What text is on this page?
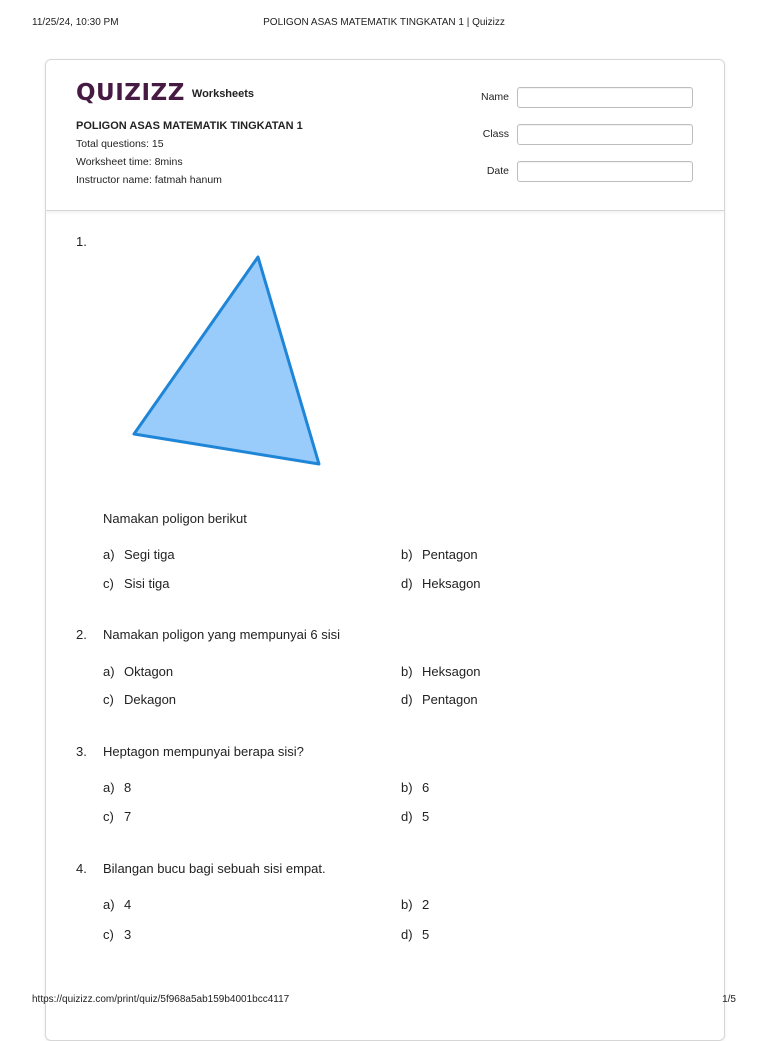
11/25/24, 10:30 PM	POLIGON ASAS MATEMATIK TINGKATAN 1 | Quizizz
QUIZIZZ Worksheets
POLIGON ASAS MATEMATIK TINGKATAN 1
Total questions: 15
Worksheet time: 8mins
Instructor name: fatmah hanum
Name
Class
Date
1.
Namakan poligon berikut
a) Segi tiga	b) Pentagon
c) Sisi tiga	d) Heksagon
2. Namakan poligon yang mempunyai 6 sisi
a) Oktagon	b) Heksagon
c) Dekagon	d) Pentagon
3. Heptagon mempunyai berapa sisi?
a) 8	b) 6
c) 7	d) 5
4. Bilangan bucu bagi sebuah sisi empat.
a) 4	b) 2
c) 3	d) 5
https://quizizz.com/print/quiz/5f968a5ab159b4001bcc4117	1/5
